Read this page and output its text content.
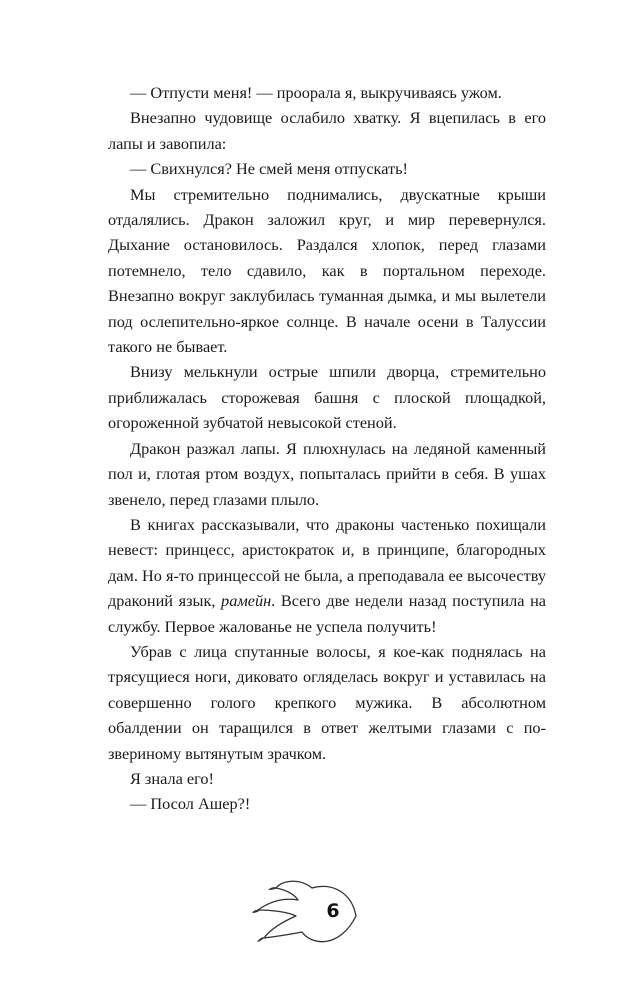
— Отпусти меня! — проорала я, выкручиваясь ужом.

Внезапно чудовище ослабило хватку. Я вцепилась в его лапы и завопила:

— Свихнулся? Не смей меня отпускать!

Мы стремительно поднимались, двускатные крыши отдалялись. Дракон заложил круг, и мир перевернулся. Дыхание остановилось. Раздался хлопок, перед глазами потемнело, тело сдавило, как в портальном переходе. Внезапно вокруг заклубилась туманная дымка, и мы вылетели под ослепительно-яркое солнце. В начале осени в Талуссии такого не бывает.

Внизу мелькнули острые шпили дворца, стремительно приближалась сторожевая башня с плоской площадкой, огороженной зубчатой невысокой стеной.

Дракон разжал лапы. Я плюхнулась на ледяной каменный пол и, глотая ртом воздух, попыталась прийти в себя. В ушах звенело, перед глазами плыло.

В книгах рассказывали, что драконы частенько похищали невест: принцесс, аристократок и, в принципе, благородных дам. Но я-то принцессой не была, а преподавала ее высочеству драконий язык, рамейн. Всего две недели назад поступила на службу. Первое жалованье не успела получить!

Убрав с лица спутанные волосы, я кое-как поднялась на трясущиеся ноги, диковато огляделась вокруг и уставилась на совершенно голого крепкого мужика. В абсолютном обалдении он таращился в ответ желтыми глазами с по-звериному вытянутым зрачком.

Я знала его!

— Посол Ашер?!

6
